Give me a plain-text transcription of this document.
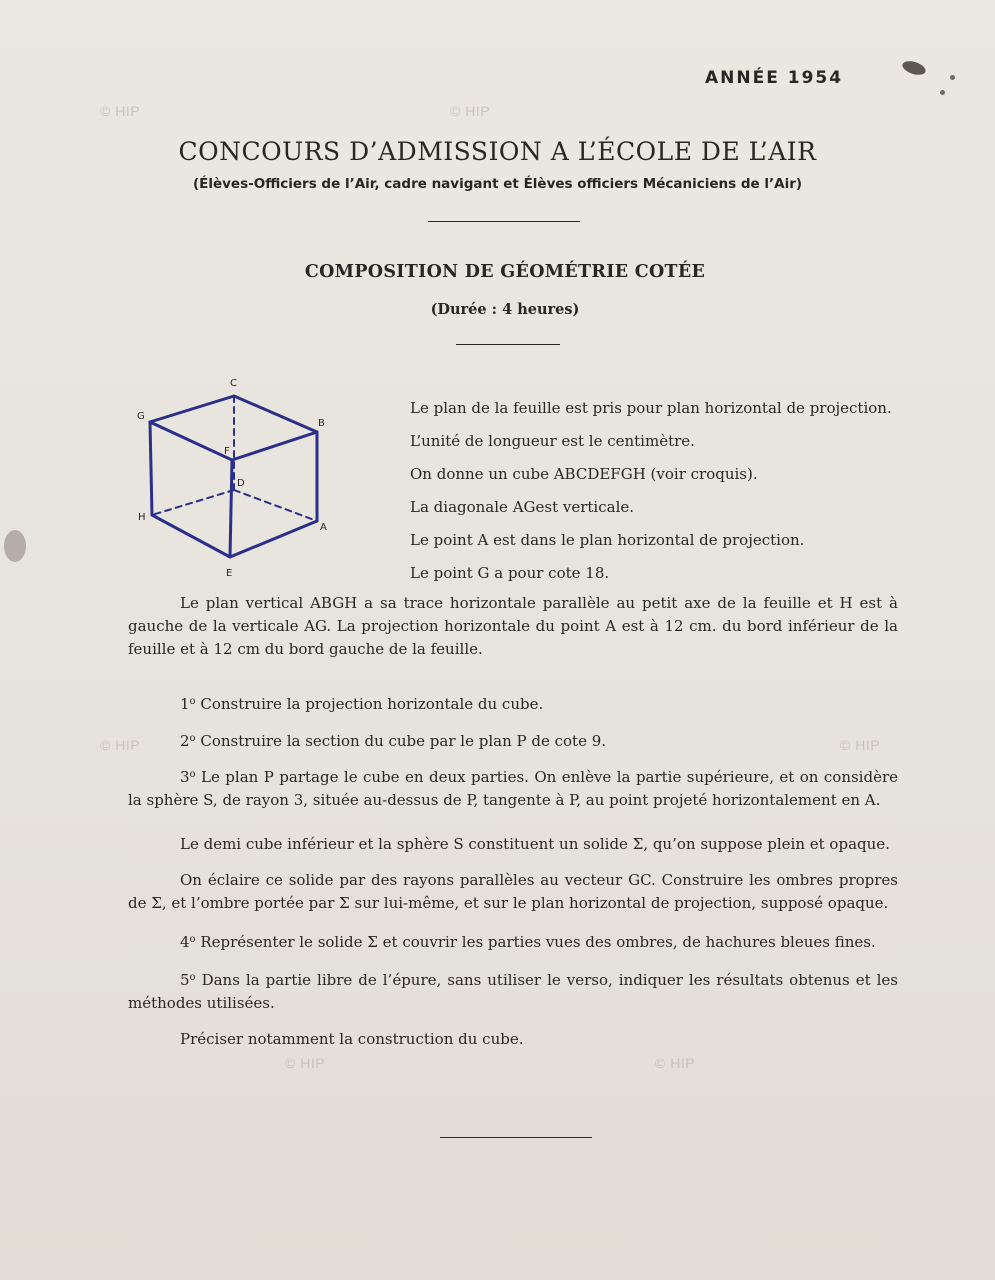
© HIP	© HIP
© HIP	© HIP
© HIP	© HIP
ANNÉE 1954
CONCOURS D’ADMISSION A L’ÉCOLE DE L’AIR
(Élèves-Officiers de l’Air, cadre navigant et Élèves officiers Mécaniciens de l’Air)
COMPOSITION DE GÉOMÉTRIE COTÉE
(Durée : 4 heures)
C
G
B
F
D
H
A
E
Le plan de la feuille est pris pour plan horizontal de projection.
L’unité de longueur est le centimètre.
On donne un cube ABCDEFGH (voir croquis).
La diagonale AGest verticale.
Le point A est dans le plan horizontal de projection.
Le point G a pour cote 18.
Le plan vertical ABGH a sa trace horizontale parallèle au petit axe de la feuille et H est à gauche de la verticale AG. La projection horizontale du point A est à 12 cm. du bord inférieur de la feuille et à 12 cm du bord gauche de la feuille.
1$^o$ Construire la projection horizontale du cube.
2$^o$ Construire la section du cube par le plan P de cote 9.
3$^o$ Le plan P partage le cube en deux parties. On enlève la partie supérieure, et on considère la sphère S, de rayon 3, située au-dessus de P, tangente à P, au point projeté horizontalement en A.
Le demi cube inférieur et la sphère S constituent un solide Σ, qu’on suppose plein et opaque.
On éclaire ce solide par des rayons parallèles au vecteur GC. Construire les ombres propres de Σ, et l’ombre portée par Σ sur lui-même, et sur le plan horizontal de projection, supposé opaque.
4$^o$ Représenter le solide Σ et couvrir les parties vues des ombres, de hachures bleues fines.
5$^o$ Dans la partie libre de l’épure, sans utiliser le verso, indiquer les résultats obtenus et les méthodes utilisées.
Préciser notamment la construction du cube.
